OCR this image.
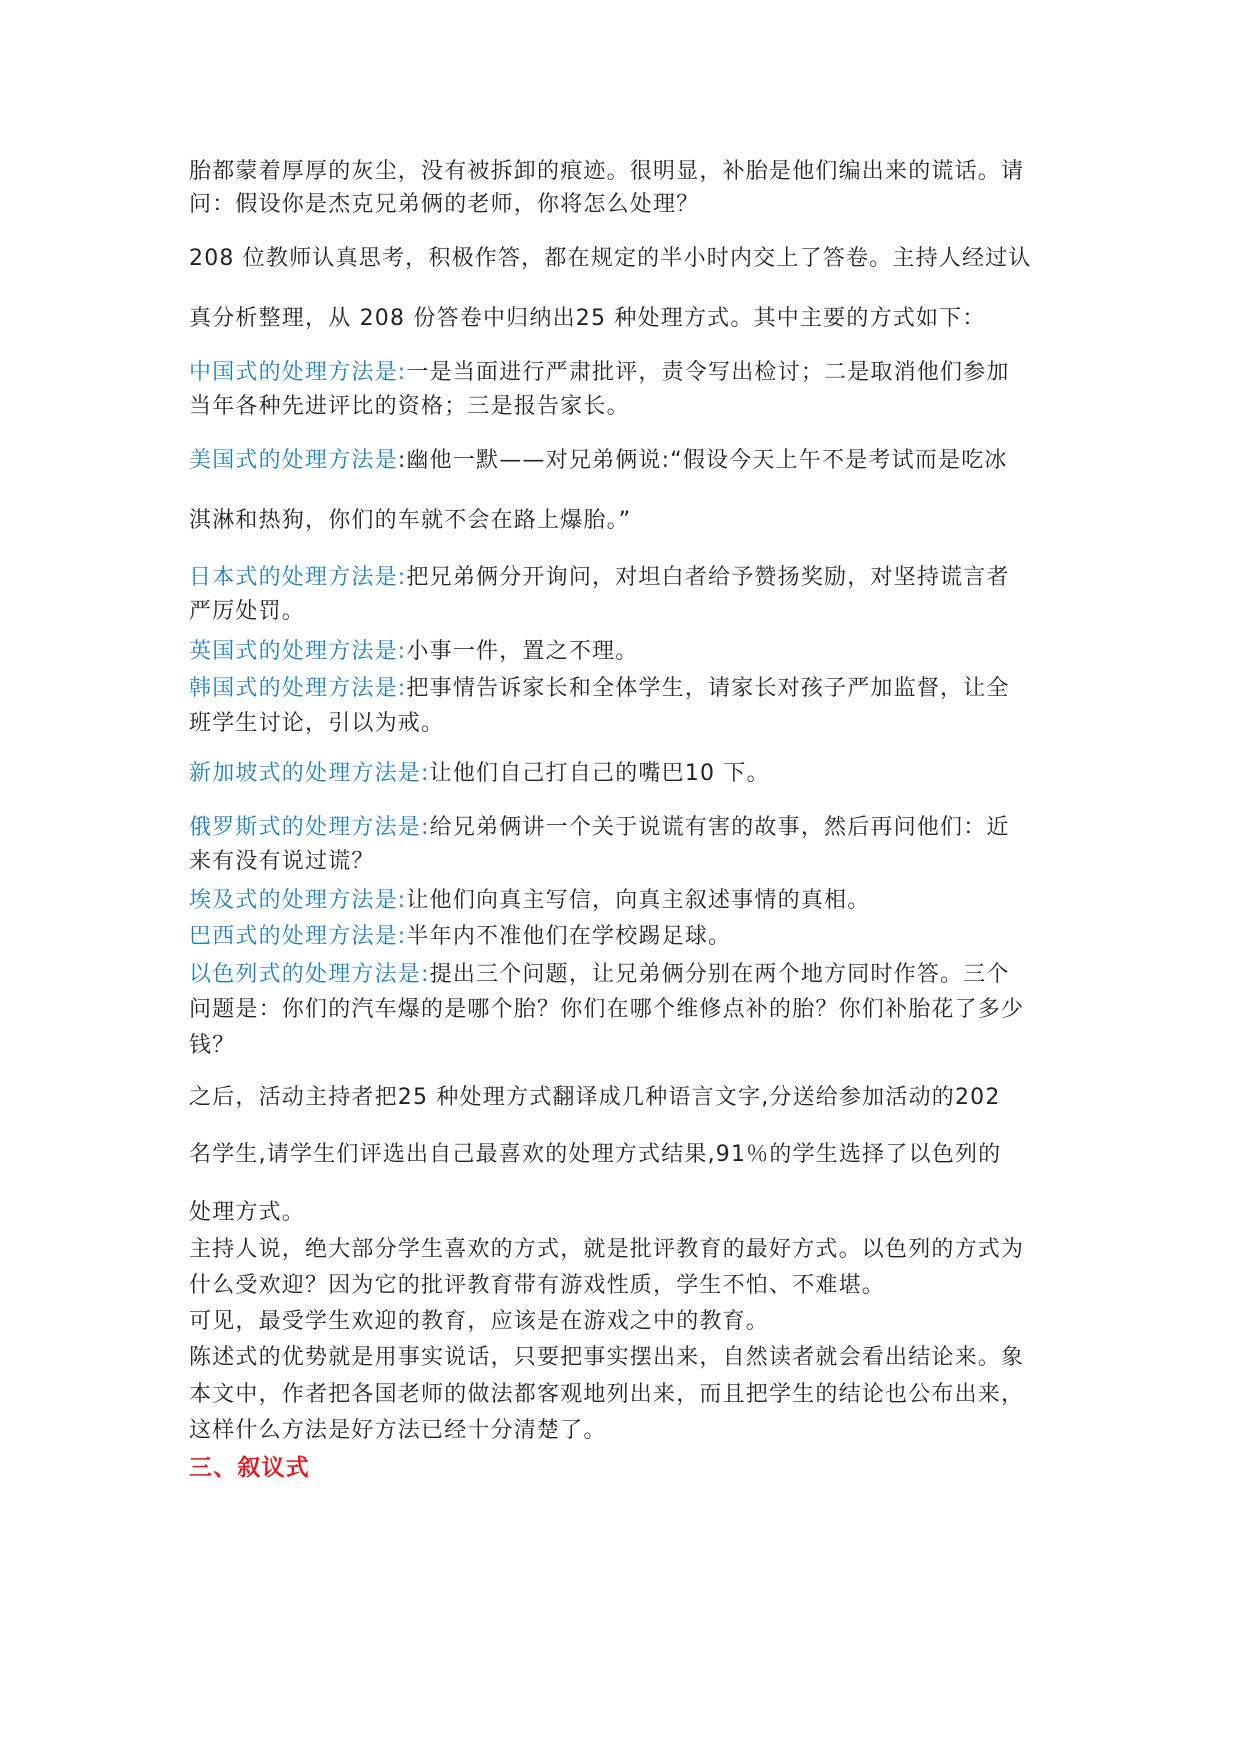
胎都蒙着厚厚的灰尘，没有被拆卸的痕迹。很明显，补胎是他们编出来的谎话。请
问：假设你是杰克兄弟俩的老师，你将怎么处理？
208 位教师认真思考，积极作答，都在规定的半小时内交上了答卷。主持人经过认
真分析整理，从 208 份答卷中归纳出25 种处理方式。其中主要的方式如下：
中国式的处理方法是:一是当面进行严肃批评，责令写出检讨；二是取消他们参加
当年各种先进评比的资格；三是报告家长。
美国式的处理方法是:幽他一默——对兄弟俩说:“假设今天上午不是考试而是吃冰
淇淋和热狗，你们的车就不会在路上爆胎。”
日本式的处理方法是:把兄弟俩分开询问，对坦白者给予赞扬奖励，对坚持谎言者
严厉处罚。
英国式的处理方法是:小事一件，置之不理。
韩国式的处理方法是:把事情告诉家长和全体学生，请家长对孩子严加监督，让全
班学生讨论，引以为戒。
新加坡式的处理方法是:让他们自己打自己的嘴巴10 下。
俄罗斯式的处理方法是:给兄弟俩讲一个关于说谎有害的故事，然后再问他们：近
来有没有说过谎？
埃及式的处理方法是:让他们向真主写信，向真主叙述事情的真相。
巴西式的处理方法是:半年内不准他们在学校踢足球。
以色列式的处理方法是:提出三个问题，让兄弟俩分别在两个地方同时作答。三个
问题是：你们的汽车爆的是哪个胎？你们在哪个维修点补的胎？你们补胎花了多少
钱？
之后，活动主持者把25 种处理方式翻译成几种语言文字,分送给参加活动的202
名学生,请学生们评选出自己最喜欢的处理方式结果,91％的学生选择了以色列的
处理方式。
主持人说，绝大部分学生喜欢的方式，就是批评教育的最好方式。以色列的方式为
什么受欢迎？因为它的批评教育带有游戏性质，学生不怕、不难堪。
可见，最受学生欢迎的教育，应该是在游戏之中的教育。
陈述式的优势就是用事实说话，只要把事实摆出来，自然读者就会看出结论来。象
本文中，作者把各国老师的做法都客观地列出来，而且把学生的结论也公布出来，
这样什么方法是好方法已经十分清楚了。
三、叙议式
